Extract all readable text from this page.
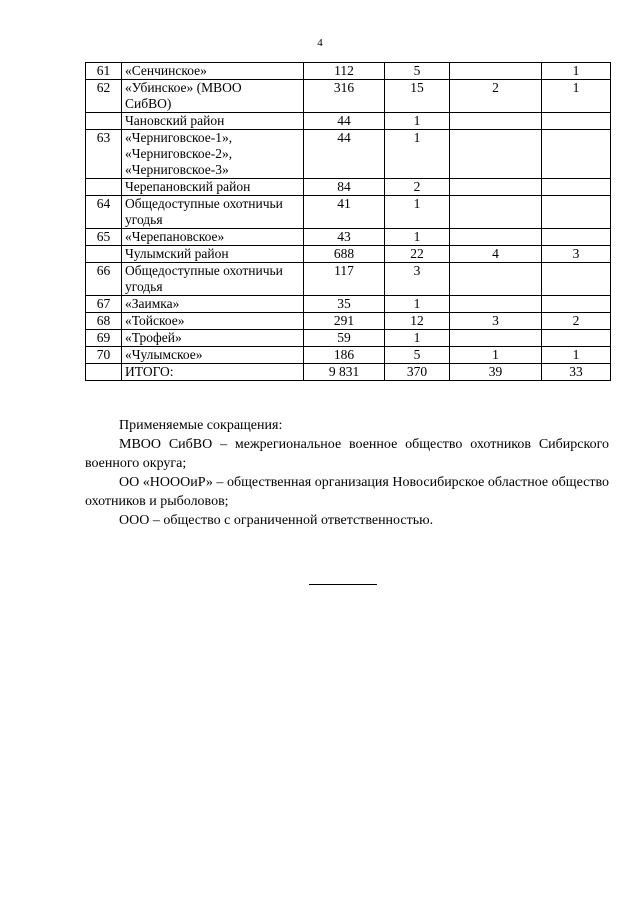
4
61	«Сенчинское»	112	5		1
62	«Убинское» (МВОО
СибВО)	316	15	2	1
	Чановский район	44	1		
63	«Черниговское-1»,
«Черниговское-2»,
«Черниговское-3»	44	1		
	Черепановский район	84	2		
64	Общедоступные охотничьи
угодья	41	1		
65	«Черепановское»	43	1		
	Чулымский район	688	22	4	3
66	Общедоступные охотничьи
угодья	117	3		
67	«Заимка»	35	1		
68	«Тойское»	291	12	3	2
69	«Трофей»	59	1		
70	«Чулымское»	186	5	1	1
	ИТОГО:	9 831	370	39	33

Применяемые сокращения:

МВОО СибВО – межрегиональное военное общество охотников Сибирского военного округа;

ОО «НОООиР» – общественная организация Новосибирское областное общество охотников и рыболовов;

ООО – общество с ограниченной ответственностью.
